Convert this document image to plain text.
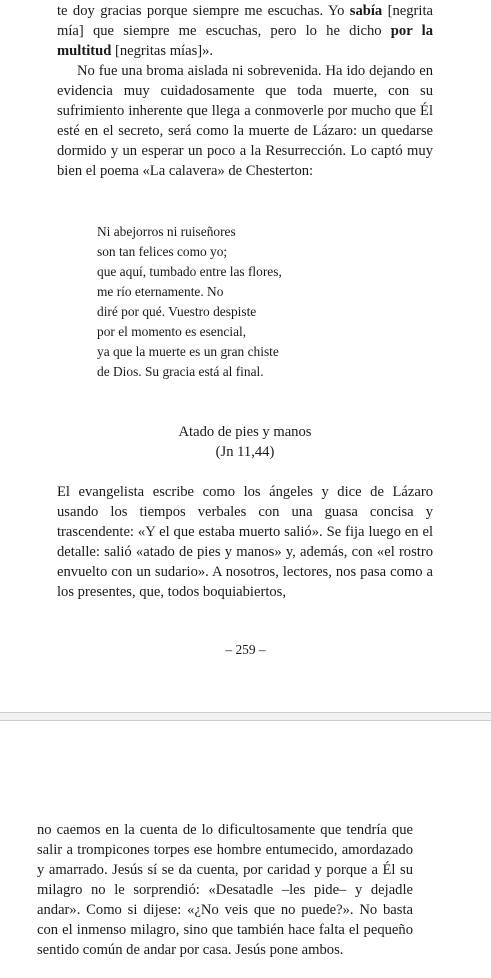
te doy gracias porque siempre me escuchas. Yo sabía [negrita mía] que siempre me escuchas, pero lo he dicho por la multitud [negritas mías]».

No fue una broma aislada ni sobrevenida. Ha ido dejando en evidencia muy cuidadosamente que toda muerte, con su sufrimiento inherente que llega a conmoverle por mucho que Él esté en el secreto, será como la muerte de Lázaro: un quedarse dormido y un esperar un poco a la Resurrección. Lo captó muy bien el poema «La calavera» de Chesterton:

Ni abejorros ni ruiseñores
son tan felices como yo;
que aquí, tumbado entre las flores,
me río eternamente. No
diré por qué. Vuestro despiste
por el momento es esencial,
ya que la muerte es un gran chiste
de Dios. Su gracia está al final.
Atado de pies y manos
(Jn 11,44)

El evangelista escribe como los ángeles y dice de Lázaro usando los tiempos verbales con una guasa concisa y trascendente: «Y el que estaba muerto salió». Se fija luego en el detalle: salió «atado de pies y manos» y, además, con «el rostro envuelto con un sudario». A nosotros, lectores, nos pasa como a los presentes, que, todos boquiabiertos,

– 259 –

no caemos en la cuenta de lo dificultosamente que tendría que salir a trompicones torpes ese hombre entumecido, amordazado y amarrado. Jesús sí se da cuenta, por caridad y porque a Él su milagro no le sorprendió: «Desatadle –les pide– y dejadle andar». Como si dijese: «¿No veis que no puede?». No basta con el inmenso milagro, sino que también hace falta el pequeño sentido común de andar por casa. Jesús pone ambos.
